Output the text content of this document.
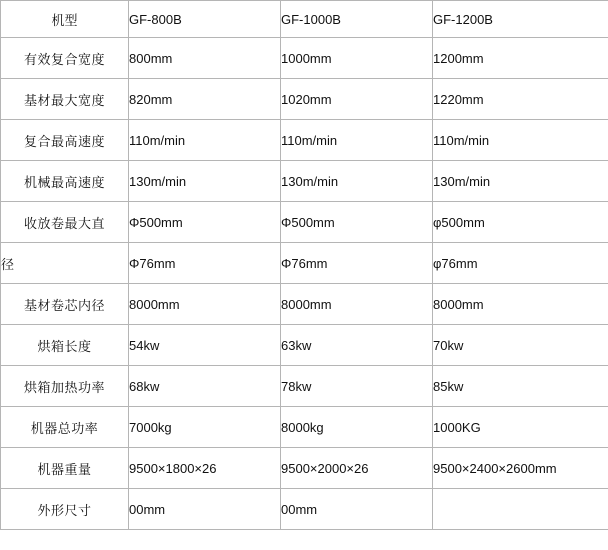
机型	GF-800B	GF-1000B	GF-1200B
有效复合宽度	800mm	1000mm	1200mm
基材最大宽度	820mm	1020mm	1220mm
复合最高速度	110m/min	110m/min	110m/min
机械最高速度	130m/min	130m/min	130m/min
收放卷最大直	Φ500mm	Φ500mm	φ500mm
径	Φ76mm	Φ76mm	φ76mm
基材卷芯内径	8000mm	8000mm	8000mm
烘箱长度	54kw	63kw	70kw
烘箱加热功率	68kw	78kw	85kw
机器总功率	7000kg	8000kg	1000KG
机器重量	9500×1800×26	9500×2000×26	9500×2400×2600mm
外形尺寸	00mm	00mm	
